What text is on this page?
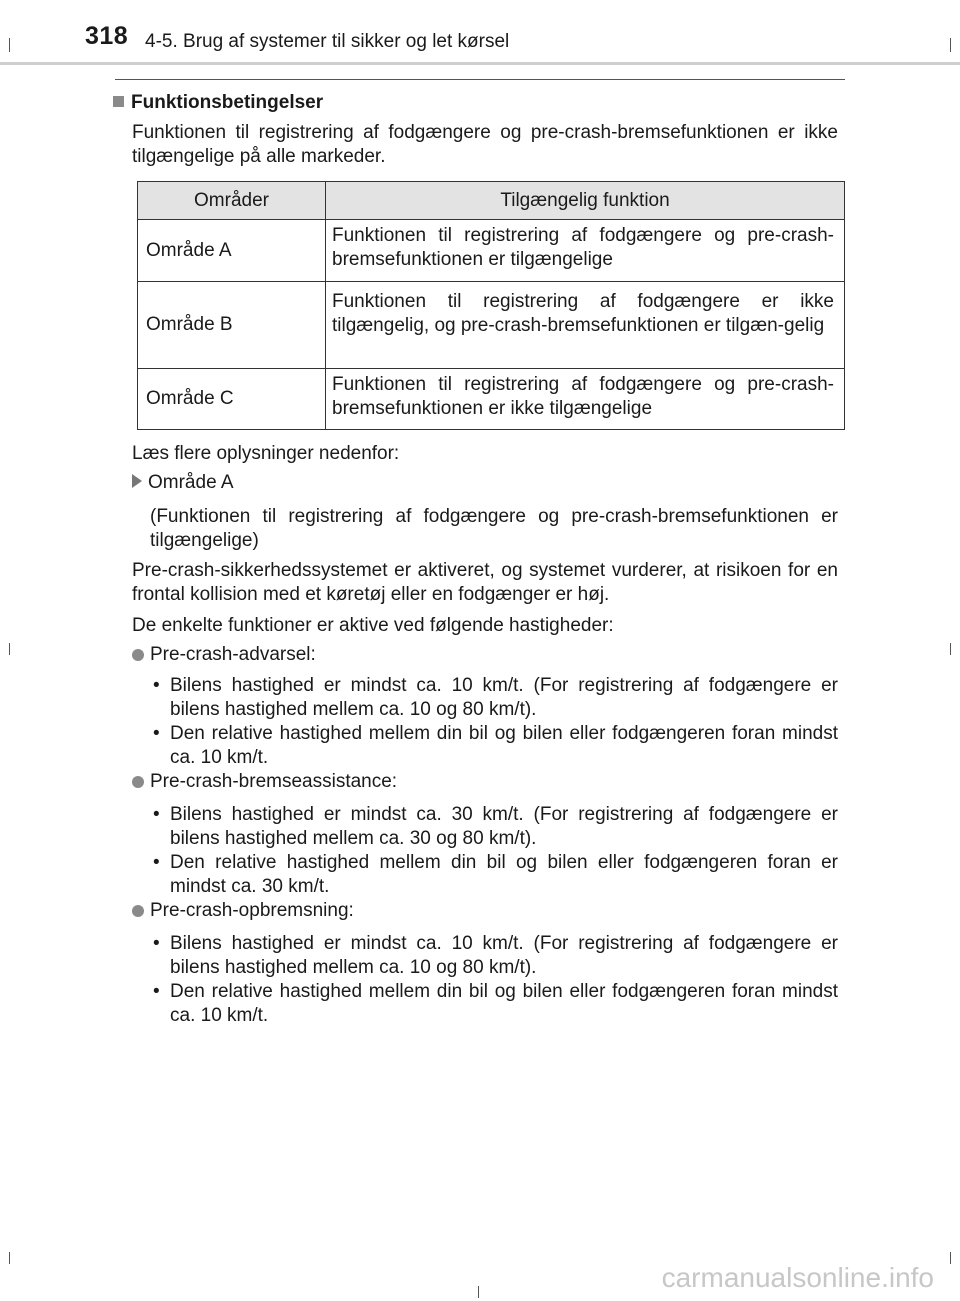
318 4-5. Brug af systemer til sikker og let kørsel
Funktionsbetingelser
Funktionen til registrering af fodgængere og pre-crash-bremsefunktionen er ikke tilgængelige på alle markeder.
Områder	Tilgængelig funktion
Område A	Funktionen til registrering af fodgængere og pre-crash-bremsefunktionen er tilgængelige
Område B	Funktionen til registrering af fodgængere er ikke tilgængelig, og pre-crash-bremsefunktionen er tilgæn-gelig
Område C	Funktionen til registrering af fodgængere og pre-crash-bremsefunktionen er ikke tilgængelige
Læs flere oplysninger nedenfor:
Område A
(Funktionen til registrering af fodgængere og pre-crash-bremsefunktionen er tilgængelige)
Pre-crash-sikkerhedssystemet er aktiveret, og systemet vurderer, at risikoen for en frontal kollision med et køretøj eller en fodgænger er høj.
De enkelte funktioner er aktive ved følgende hastigheder:
Pre-crash-advarsel:
• Bilens hastighed er mindst ca. 10 km/t. (For registrering af fodgængere er bilens hastighed mellem ca. 10 og 80 km/t).
• Den relative hastighed mellem din bil og bilen eller fodgængeren foran mindst ca. 10 km/t.
Pre-crash-bremseassistance:
• Bilens hastighed er mindst ca. 30 km/t. (For registrering af fodgængere er bilens hastighed mellem ca. 30 og 80 km/t).
• Den relative hastighed mellem din bil og bilen eller fodgængeren foran er mindst ca. 30 km/t.
Pre-crash-opbremsning:
• Bilens hastighed er mindst ca. 10 km/t. (For registrering af fodgængere er bilens hastighed mellem ca. 10 og 80 km/t).
• Den relative hastighed mellem din bil og bilen eller fodgængeren foran mindst ca. 10 km/t.
carmanualsonline.info
